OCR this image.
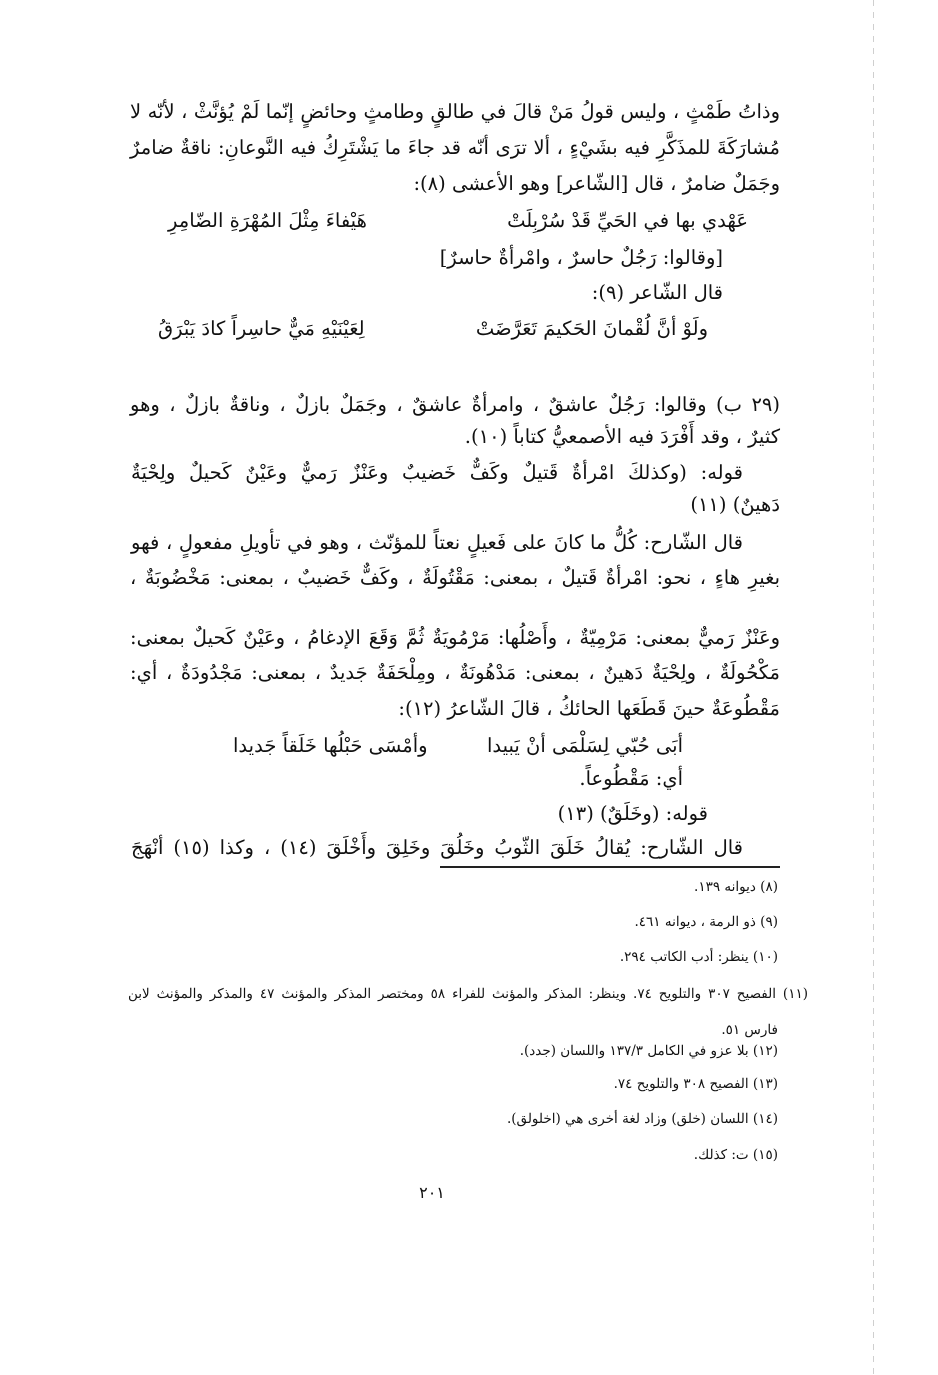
وذاتُ طَمْثٍ ، وليس قولُ مَنْ قالَ في طالقٍ وطامثٍ وحائضٍ إنّما لَمْ يُؤنَّثْ ، لأنّه لا
مُشارَكَةَ للمذَكَّرِ فيه بشَيْءٍ ، ألا ترَى أنّه قد جاءَ ما يَشْتَرِكُ فيه النَّوعانِ: ناقةٌ ضامرٌ
وجَمَلٌ ضامرٌ ، قال [الشّاعر] وهو الأعشى (٨):
عَهْدي بها في الحَيِّ قَدْ سُرْبِلَتْ
هَيْفاءَ مِثْلَ المُهْرَةِ الضّامِرِ
[وقالوا: رَجُلٌ حاسرٌ ، وامْرأةٌ حاسرٌ]
قال الشّاعر (٩):
ولَوْ أنَّ لُقْمانَ الحَكيمَ تَعَرَّضَتْ
لِعَيْنَيْهِ مَيٌّ حاسِراً كادَ يَبْرَقُ
(٢٩ ب) وقالوا: رَجُلٌ عاشقٌ ، وامرأةٌ عاشقٌ ، وجَمَلٌ بازلٌ ، وناقةٌ بازلٌ ، وهو
كثيرٌ ، وقد أَفْرَدَ فيه الأصمعيُّ كتاباً (١٠).
قوله: (وكذلكَ امْرأةٌ قَتيلٌ وكَفٌّ خَضيبٌ وعَنْزٌ رَميٌّ وعَيْنٌ كَحيلٌ ولِحْيَةٌ
دَهينٌ) (١١)
قال الشّارح: كُلُّ ما كانَ على فَعيلٍ نعتاً للمؤنّث ، وهو في تأويلِ مفعولٍ ، فهو
بغيرِ هاءٍ ، نحو: امْرأةٌ قَتيلٌ ، بمعنى: مَقْتُولَةٌ ، وكَفٌّ خَضيبٌ ، بمعنى: مَخْضُوبَةٌ ،
وعَنْزٌ رَميٌّ بمعنى: مَرْمِيّةٌ ، وأَصْلُها: مَرْمُويَةٌ ثُمَّ وَقَعَ الإدغامُ ، وعَيْنٌ كَحيلٌ بمعنى:
مَكْحُولَةٌ ، ولِحْيَةٌ دَهينٌ ، بمعنى: مَدْهُونَةٌ ، ومِلْحَفَةٌ جَديدٌ ، بمعنى: مَجْدُودَةٌ ، أي:
مَقْطُوعَةٌ حينَ قَطَعَها الحائكُ ، قالَ الشّاعرُ (١٢):
أبَى حُبّي لِسَلْمَى أنْ يَبيدا
وأمْسَى حَبْلُها خَلَقاً جَديدا
أي: مَقْطُوعاً.
قوله: (وخَلَقٌ) (١٣)
قال الشّارح: يُقالُ خَلَقَ الثّوبُ وخَلُقَ وخَلِقَ وأَخْلَقَ (١٤) ، وكذا (١٥) أنْهَجَ
(٨) ديوانه ١٣٩.
(٩) ذو الرمة ، ديوانه ٤٦١.
(١٠) ينظر: أدب الكاتب ٢٩٤.
(١١) الفصيح ٣٠٧ والتلويح ٧٤. وينظر: المذكر والمؤنث للفراء ٥٨ ومختصر المذكر والمؤنث ٤٧ والمذكر والمؤنث لابن
فارس ٥١.
(١٢) بلا عزو في الكامل ١٣٧/٣ واللسان (جدد).
(١٣) الفصيح ٣٠٨ والتلويح ٧٤.
(١٤) اللسان (خلق) وزاد لغة أخرى هي (اخلولق).
(١٥) ت: كذلك.
٢٠١
